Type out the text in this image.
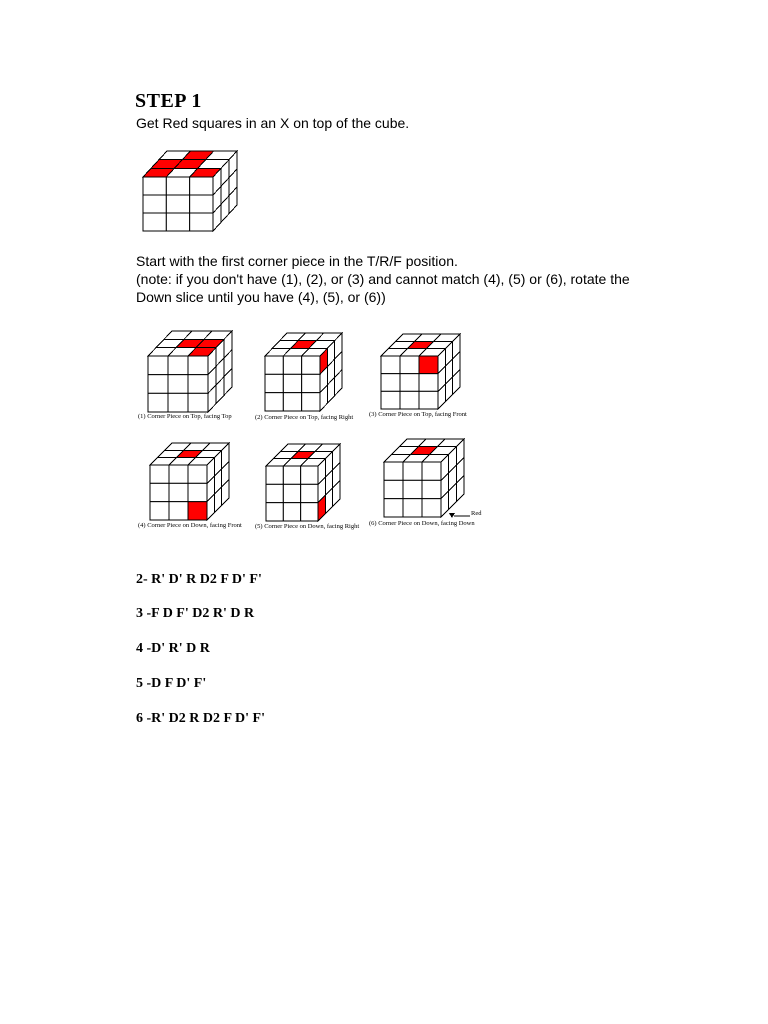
STEP 1
Get Red squares in an X on top of the cube.
Start with the first corner piece in the T/R/F position.
(note: if you don't have (1), (2), or (3) and cannot match (4), (5) or (6), rotate the
Down slice until you have (4), (5), or (6))
(1) Corner Piece on Top, facing Top	(2) Corner Piece on Top, facing Right (3) Corner Piece on Top, facing Front
(4) Corner Piece on Down, facing Front (5) Corner Piece on Down, facing Right (6) Corner Piece on Down, facing Down
Red
2- R' D' R D2 F D' F'
3 -F D F' D2 R' D R
4 -D' R' D R
5 -D F D' F'
6 -R' D2 R D2 F D' F'
